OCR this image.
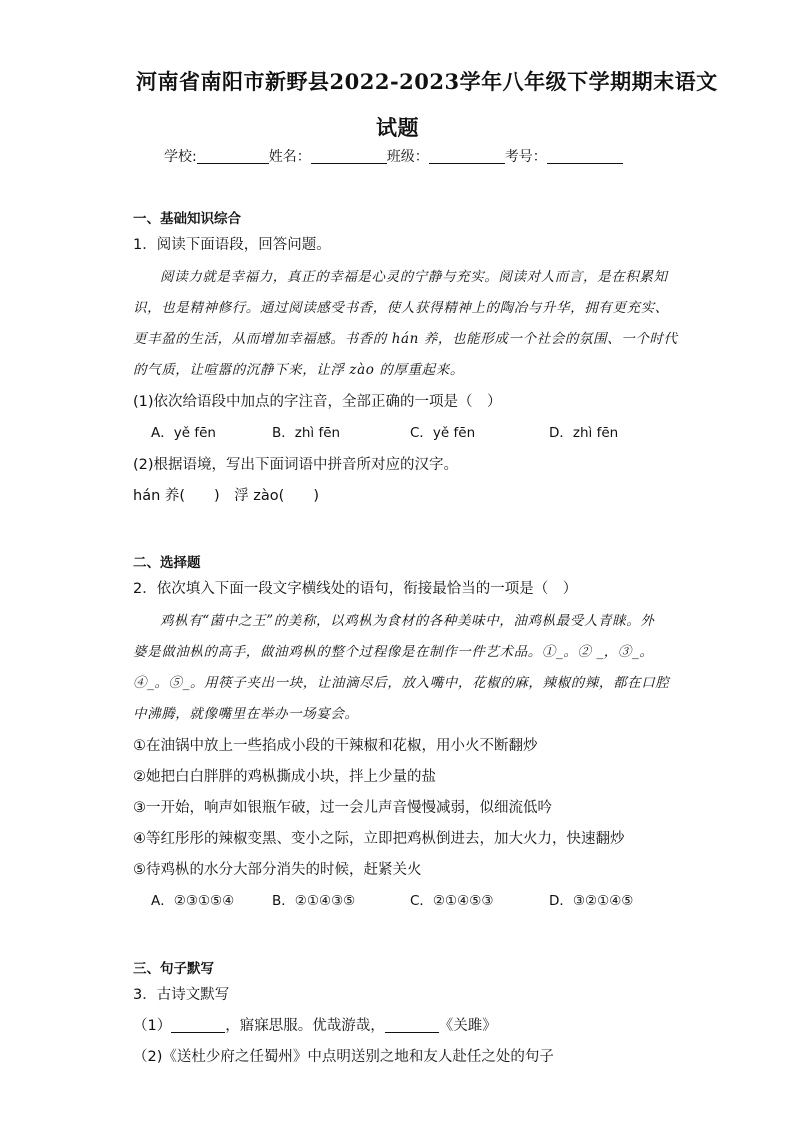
河南省南阳市新野县2022-2023学年八年级下学期期末语文
试题
学校:	姓名：	班级：	考号：
一、基础知识综合
1．阅读下面语段，回答问题。
阅读力就是幸福力，真正的幸福是心灵的宁静与充实。阅读对人而言，是在积累知
识，也是精神修行。通过阅读感受书香，使人获得精神上的陶冶与升华，拥有更充实、
更丰盈的生活，从而增加幸福感。书香的 hán 养，也能形成一个社会的氛围、一个时代
的气质，让喧嚣的沉静下来，让浮 zào 的厚重起来。
(1)依次给语段中加点的字注音，全部正确的一项是（　）
A．yě fēn	B．zhì fēn	C．yě fēn	D．zhì fēn
(2)根据语境，写出下面词语中拼音所对应的汉字。
hán 养(　　)　浮 zào(　　)
二、选择题
2．依次填入下面一段文字横线处的语句，衔接最恰当的一项是（　）
鸡枞有“菌中之王”的美称，以鸡枞为食材的各种美味中，油鸡枞最受人青睐。外
婆是做油枞的高手，做油鸡枞的整个过程像是在制作一件艺术品。①_。② _，③_。
④_。⑤_。用筷子夹出一块，让油滴尽后，放入嘴中，花椒的麻，辣椒的辣，都在口腔
中沸腾，就像嘴里在举办一场宴会。
①在油锅中放上一些掐成小段的干辣椒和花椒，用小火不断翻炒
②她把白白胖胖的鸡枞撕成小块，拌上少量的盐
③一开始，响声如银瓶乍破，过一会儿声音慢慢减弱，似细流低吟
④等红彤彤的辣椒变黑、变小之际，立即把鸡枞倒进去，加大火力，快速翻炒
⑤待鸡枞的水分大部分消失的时候，赶紧关火
A．②③①⑤④	B．②①④③⑤	C．②①④⑤③	D．③②①④⑤
三、句子默写
3．古诗文默写
（1）	，寤寐思服。优哉游哉，	《关雎》
（2)《送杜少府之任蜀州》中点明送别之地和友人赴任之处的句子
